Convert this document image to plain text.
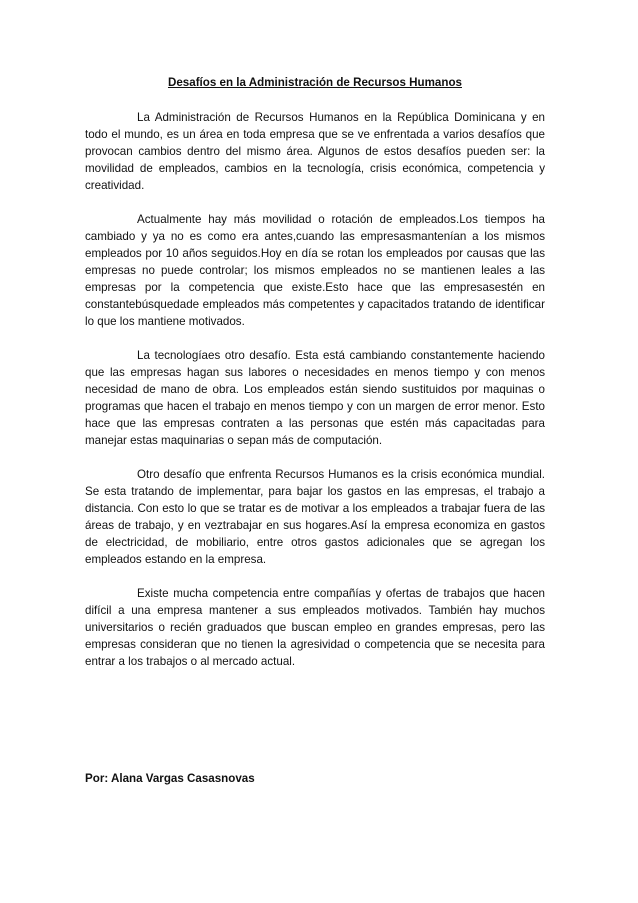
Desafíos en la Administración de Recursos Humanos

La Administración de Recursos Humanos en la República Dominicana y en todo el mundo, es un área en toda empresa que se ve enfrentada a varios desafíos que provocan cambios dentro del mismo área. Algunos de estos desafíos pueden ser: la movilidad de empleados, cambios en la tecnología, crisis económica, competencia y creatividad.

Actualmente hay más movilidad o rotación de empleados.Los tiempos ha cambiado y ya no es como era antes,cuando las empresasmantenían a los mismos empleados por 10 años seguidos.Hoy en día se rotan los empleados por causas que las empresas no puede controlar; los mismos empleados no se mantienen leales a las empresas por la competencia que existe.Esto hace que las empresasestén en constantebúsquedade empleados más competentes y capacitados tratando de identificar lo que los mantiene motivados.

La tecnologíaes otro desafío. Esta está cambiando constantemente haciendo que las empresas hagan sus labores o necesidades en menos tiempo y con menos necesidad de mano de obra. Los empleados están siendo sustituidos por maquinas o programas que hacen el trabajo en menos tiempo y con un margen de error menor. Esto hace que las empresas contraten a las personas que estén más capacitadas para manejar estas maquinarias o sepan más de computación.

Otro desafío que enfrenta Recursos Humanos es la crisis económica mundial. Se esta tratando de implementar, para bajar los gastos en las empresas, el trabajo a distancia. Con esto lo que se tratar es de motivar a los empleados a trabajar fuera de las áreas de trabajo, y en veztrabajar en sus hogares.Así la empresa economiza en gastos de electricidad, de mobiliario, entre otros gastos adicionales que se agregan los empleados estando en la empresa.

Existe mucha competencia entre compañías y ofertas de trabajos que hacen difícil a una empresa mantener a sus empleados motivados. También hay muchos universitarios o recién graduados que buscan empleo en grandes empresas, pero las empresas consideran que no tienen la agresividad o competencia que se necesita para entrar a los trabajos o al mercado actual.

Por: Alana Vargas Casasnovas
